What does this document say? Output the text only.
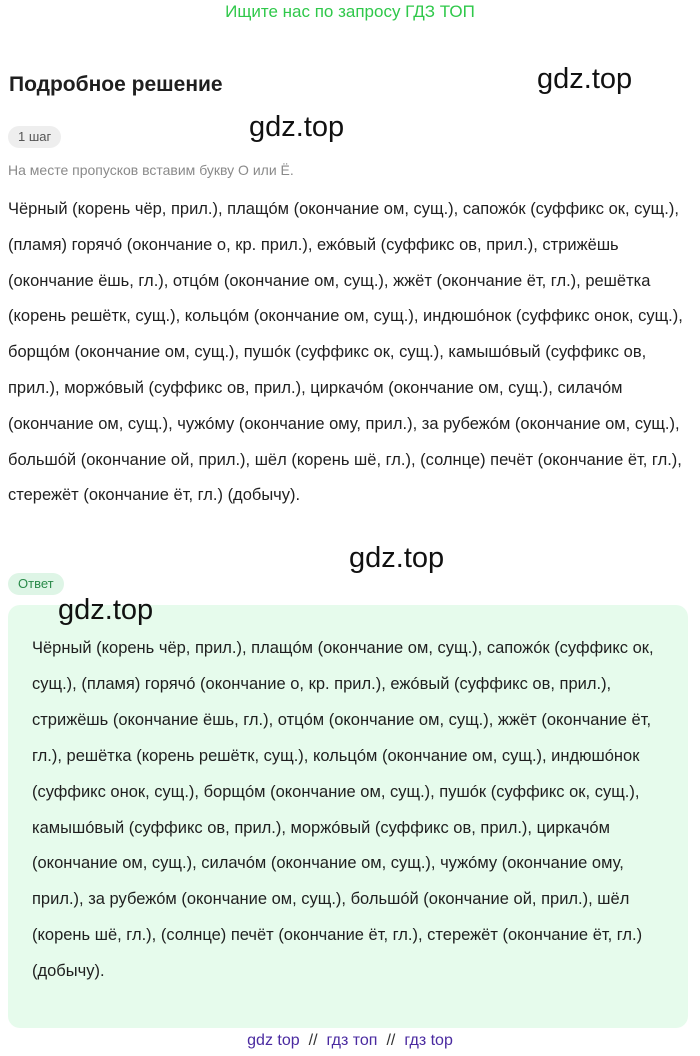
Ищите нас по запросу ГДЗ ТОП
Подробное решение	gdz.top
gdz.top
1 шаг
На месте пропусков вставим букву О или Ё.

Чёрный (корень чёр, прил.), плащóм (окончание ом, сущ.), сапожóк (суффикс ок, сущ.), (пламя) горячó (окончание о, кр. прил.), ежóвый (суффикс ов, прил.), стрижёшь (окончание ёшь, гл.), отцóм (окончание ом, сущ.), жжёт (окончание ёт, гл.), решётка (корень решётк, сущ.), кольцóм (окончание ом, сущ.), индюшóнок (суффикс онок, сущ.), борщóм (окончание ом, сущ.), пушóк (суффикс ок, сущ.), камышóвый (суффикс ов, прил.), моржóвый (суффикс ов, прил.), циркачóм (окончание ом, сущ.), силачóм (окончание ом, сущ.), чужóму (окончание ому, прил.), за рубежóм (окончание ом, сущ.), большóй (окончание ой, прил.), шёл (корень шё, гл.), (солнце) печёт (окончание ёт, гл.), стережёт (окончание ёт, гл.) (добычу).

gdz.top
Ответ

Чёрный (корень чёр, прил.), плащóм (окончание ом, сущ.), сапожóк (суффикс ок, сущ.), (пламя) горячó (окончание о, кр. прил.), ежóвый (суффикс ов, прил.), стрижёшь (окончание ёшь, гл.), отцóм (окончание ом, сущ.), жжёт (окончание ёт, гл.), решётка (корень решётк, сущ.), кольцóм (окончание ом, сущ.), индюшóнок (суффикс онок, сущ.), борщóм (окончание ом, сущ.), пушóк (суффикс ок, сущ.), камышóвый (суффикс ов, прил.), моржóвый (суффикс ов, прил.), циркачóм (окончание ом, сущ.), силачóм (окончание ом, сущ.), чужóму (окончание ому, прил.), за рубежóм (окончание ом, сущ.), большóй (окончание ой, прил.), шёл (корень шё, гл.), (солнце) печёт (окончание ёт, гл.), стережёт (окончание ёт, гл.) (добычу).

gdz.top
gdz top // гдз топ // гдз top
